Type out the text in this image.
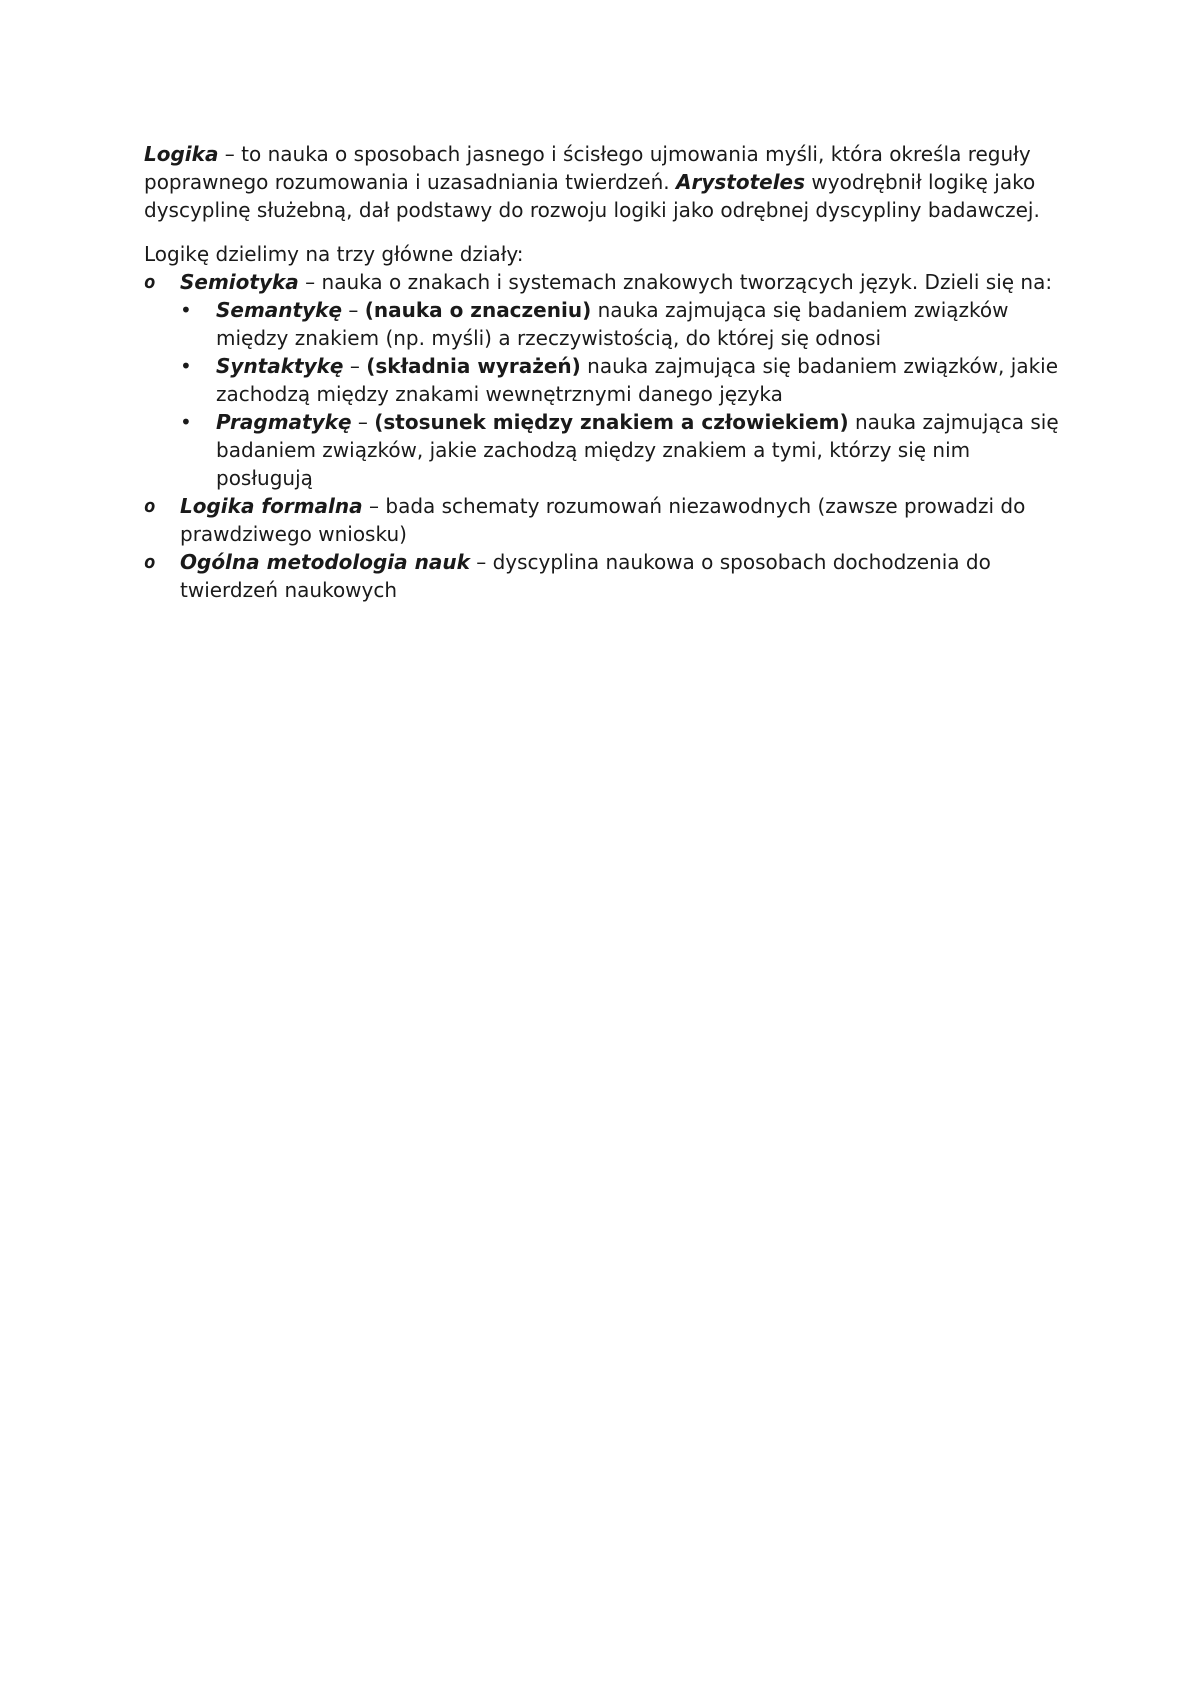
Logika – to nauka o sposobach jasnego i ścisłego ujmowania myśli, która określa reguły poprawnego rozumowania i uzasadniania twierdzeń. Arystoteles wyodrębnił logikę jako dyscyplinę służebną, dał podstawy do rozwoju logiki jako odrębnej dyscypliny badawczej.

Logikę dzielimy na trzy główne działy:

o Semiotyka – nauka o znakach i systemach znakowych tworzących język. Dzieli się na:
• Semantykę – (nauka o znaczeniu) nauka zajmująca się badaniem związków między znakiem (np. myśli) a rzeczywistością, do której się odnosi
• Syntaktykę – (składnia wyrażeń) nauka zajmująca się badaniem związków, jakie zachodzą między znakami wewnętrznymi danego języka
• Pragmatykę – (stosunek między znakiem a człowiekiem) nauka zajmująca się badaniem związków, jakie zachodzą między znakiem a tymi, którzy się nim posługują
o Logika formalna – bada schematy rozumowań niezawodnych (zawsze prowadzi do prawdziwego wniosku)
o Ogólna metodologia nauk – dyscyplina naukowa o sposobach dochodzenia do twierdzeń naukowych
